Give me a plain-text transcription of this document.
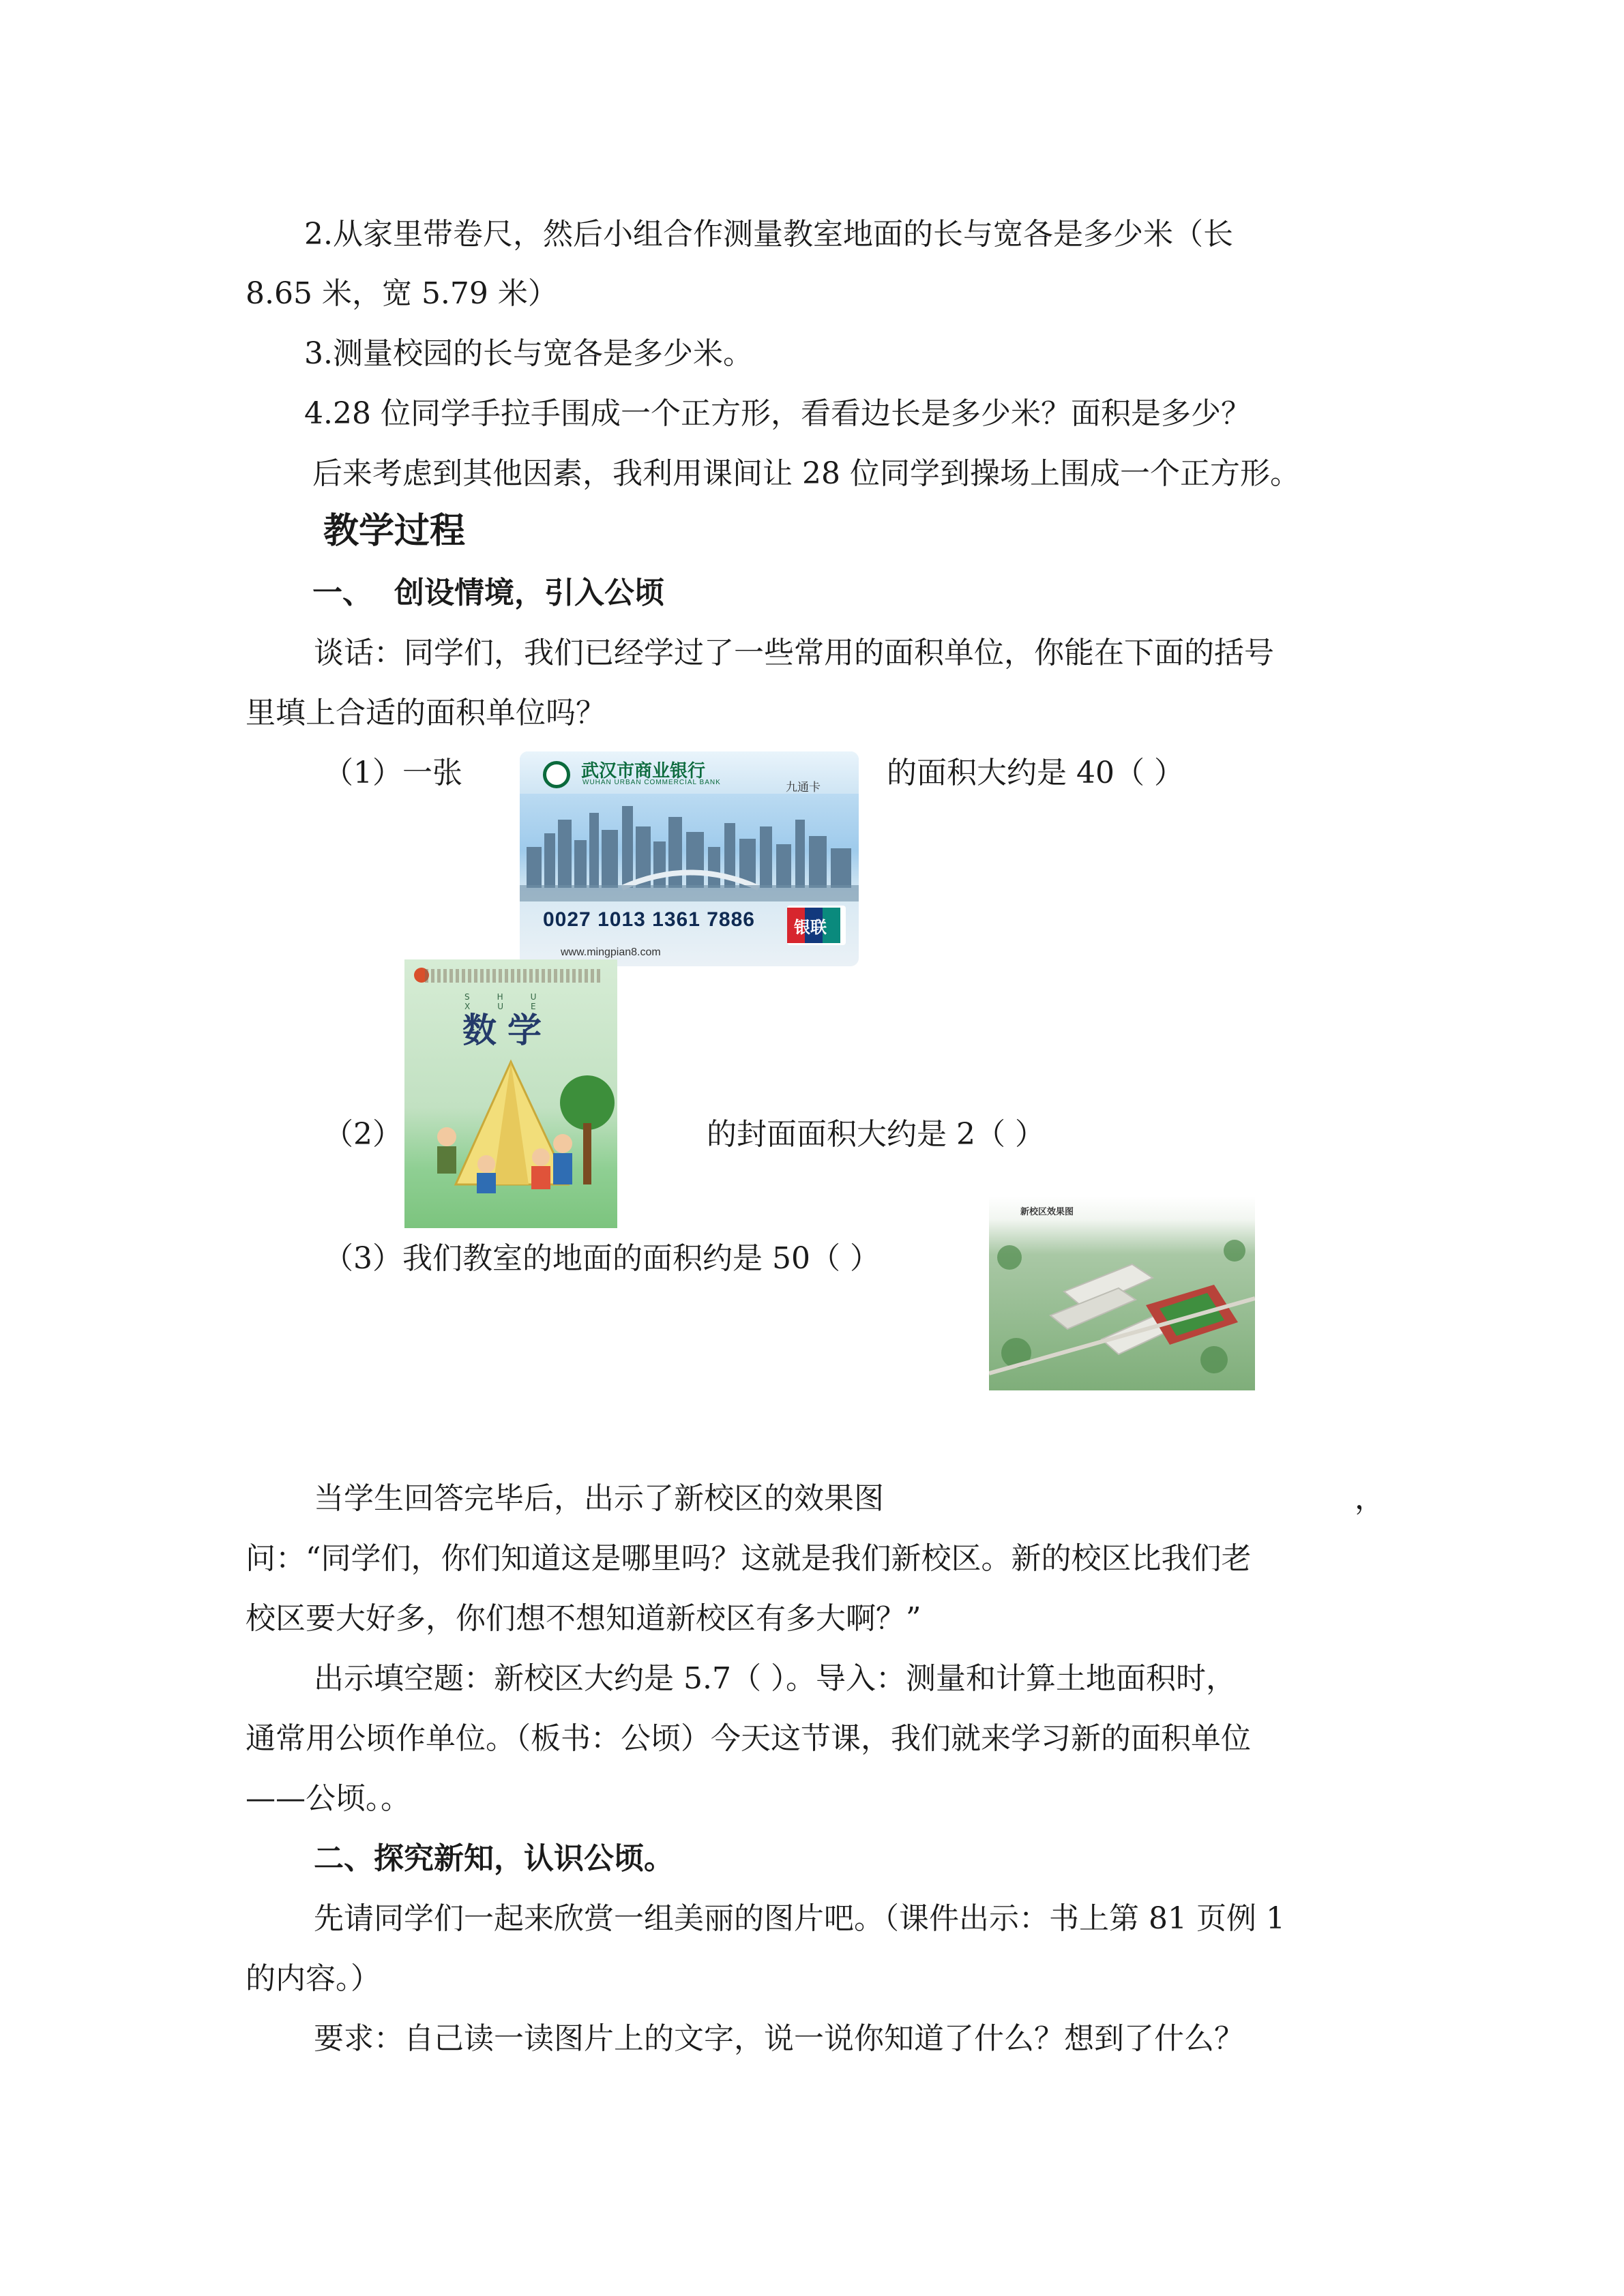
2.从家里带卷尺，然后小组合作测量教室地面的长与宽各是多少米（长
8.65 米，宽 5.79 米）
3.测量校园的长与宽各是多少米。
4.28 位同学手拉手围成一个正方形，看看边长是多少米？面积是多少？
后来考虑到其他因素，我利用课间让 28 位同学到操场上围成一个正方形。
教学过程
一、 创设情境，引入公顷
谈话：同学们，我们已经学过了一些常用的面积单位，你能在下面的括号
里填上合适的面积单位吗？
（1）一张	的面积大约是 40（ ）
（2）	的封面面积大约是 2（ ）
（3）我们教室的地面的面积约是 50（ ）
当学生回答完毕后，出示了新校区的效果图	，
问：“同学们，你们知道这是哪里吗？这就是我们新校区。新的校区比我们老
校区要大好多，你们想不想知道新校区有多大啊？”
出示填空题：新校区大约是 5.7（ ）。导入：测量和计算土地面积时，
通常用公顷作单位。（板书：公顷）今天这节课，我们就来学习新的面积单位
——公顷。。
二、探究新知，认识公顷。
先请同学们一起来欣赏一组美丽的图片吧。（课件出示：书上第 81 页例 1
的内容。）
要求：自己读一读图片上的文字，说一说你知道了什么？想到了什么？
武汉市商业银行
WUHAN URBAN COMMERCIAL BANK	九通卡
0027 1013 1361 7886 银联
www.mingpian8.com
SHU XUE
数学
新校区效果图
